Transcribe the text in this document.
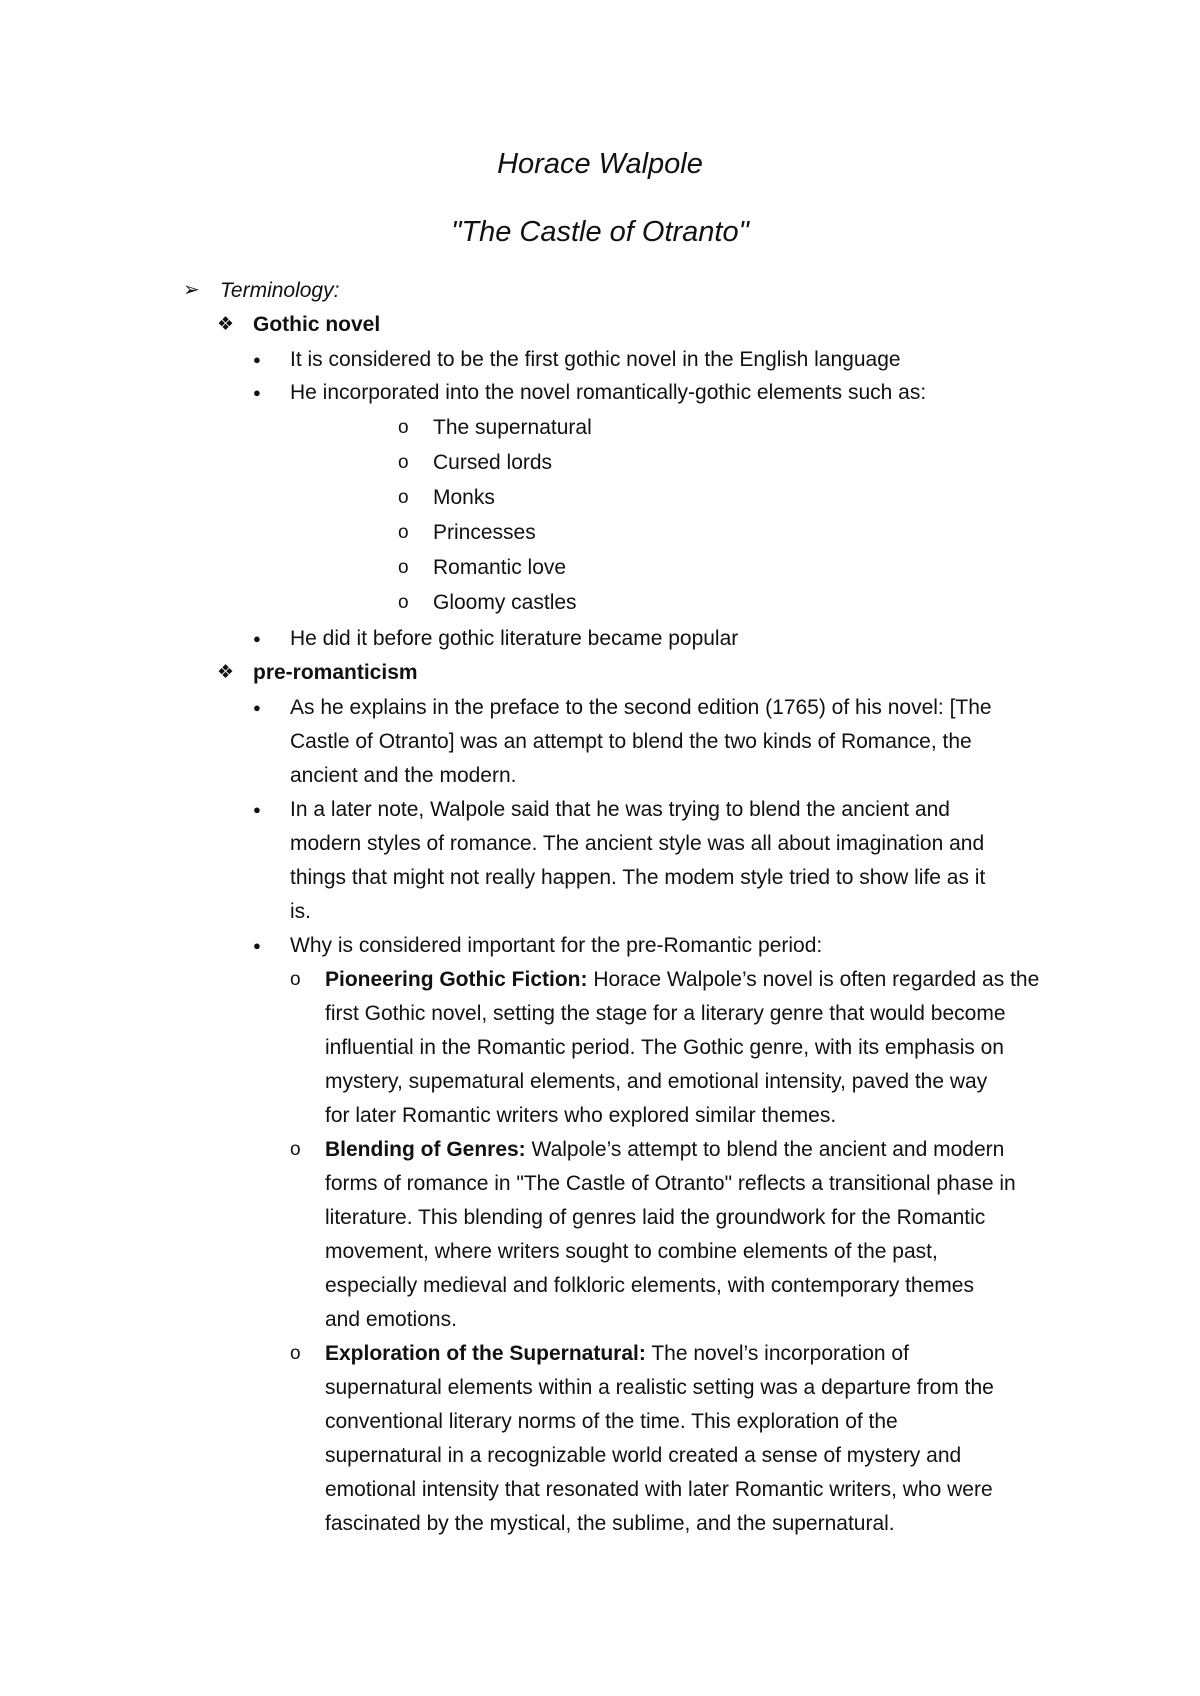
Horace Walpole
"The Castle of Otranto"
➢ Terminology:
❖ Gothic novel
● It is considered to be the first gothic novel in the English language
● He incorporated into the novel romantically-gothic elements such as:
o The supernatural
o Cursed lords
o Monks
o Princesses
o Romantic love
o Gloomy castles
● He did it before gothic literature became popular
❖ pre-romanticism
● As he explains in the preface to the second edition (1765) of his novel: [The
Castle of Otranto] was an attempt to blend the two kinds of Romance, the
ancient and the modern.
● In a later note, Walpole said that he was trying to blend the ancient and
modern styles of romance. The ancient style was all about imagination and
things that might not really happen. The modem style tried to show life as it
is.
● Why is considered important for the pre-Romantic period:
o Pioneering Gothic Fiction: Horace Walpole’s novel is often regarded as the
first Gothic novel, setting the stage for a literary genre that would become
influential in the Romantic period. The Gothic genre, with its emphasis on
mystery, supematural elements, and emotional intensity, paved the way
for later Romantic writers who explored similar themes.
o Blending of Genres: Walpole’s attempt to blend the ancient and modern
forms of romance in "The Castle of Otranto" reflects a transitional phase in
literature. This blending of genres laid the groundwork for the Romantic
movement, where writers sought to combine elements of the past,
especially medieval and folkloric elements, with contemporary themes
and emotions.
o Exploration of the Supernatural: The novel’s incorporation of
supernatural elements within a realistic setting was a departure from the
conventional literary norms of the time. This exploration of the
supernatural in a recognizable world created a sense of mystery and
emotional intensity that resonated with later Romantic writers, who were
fascinated by the mystical, the sublime, and the supernatural.
